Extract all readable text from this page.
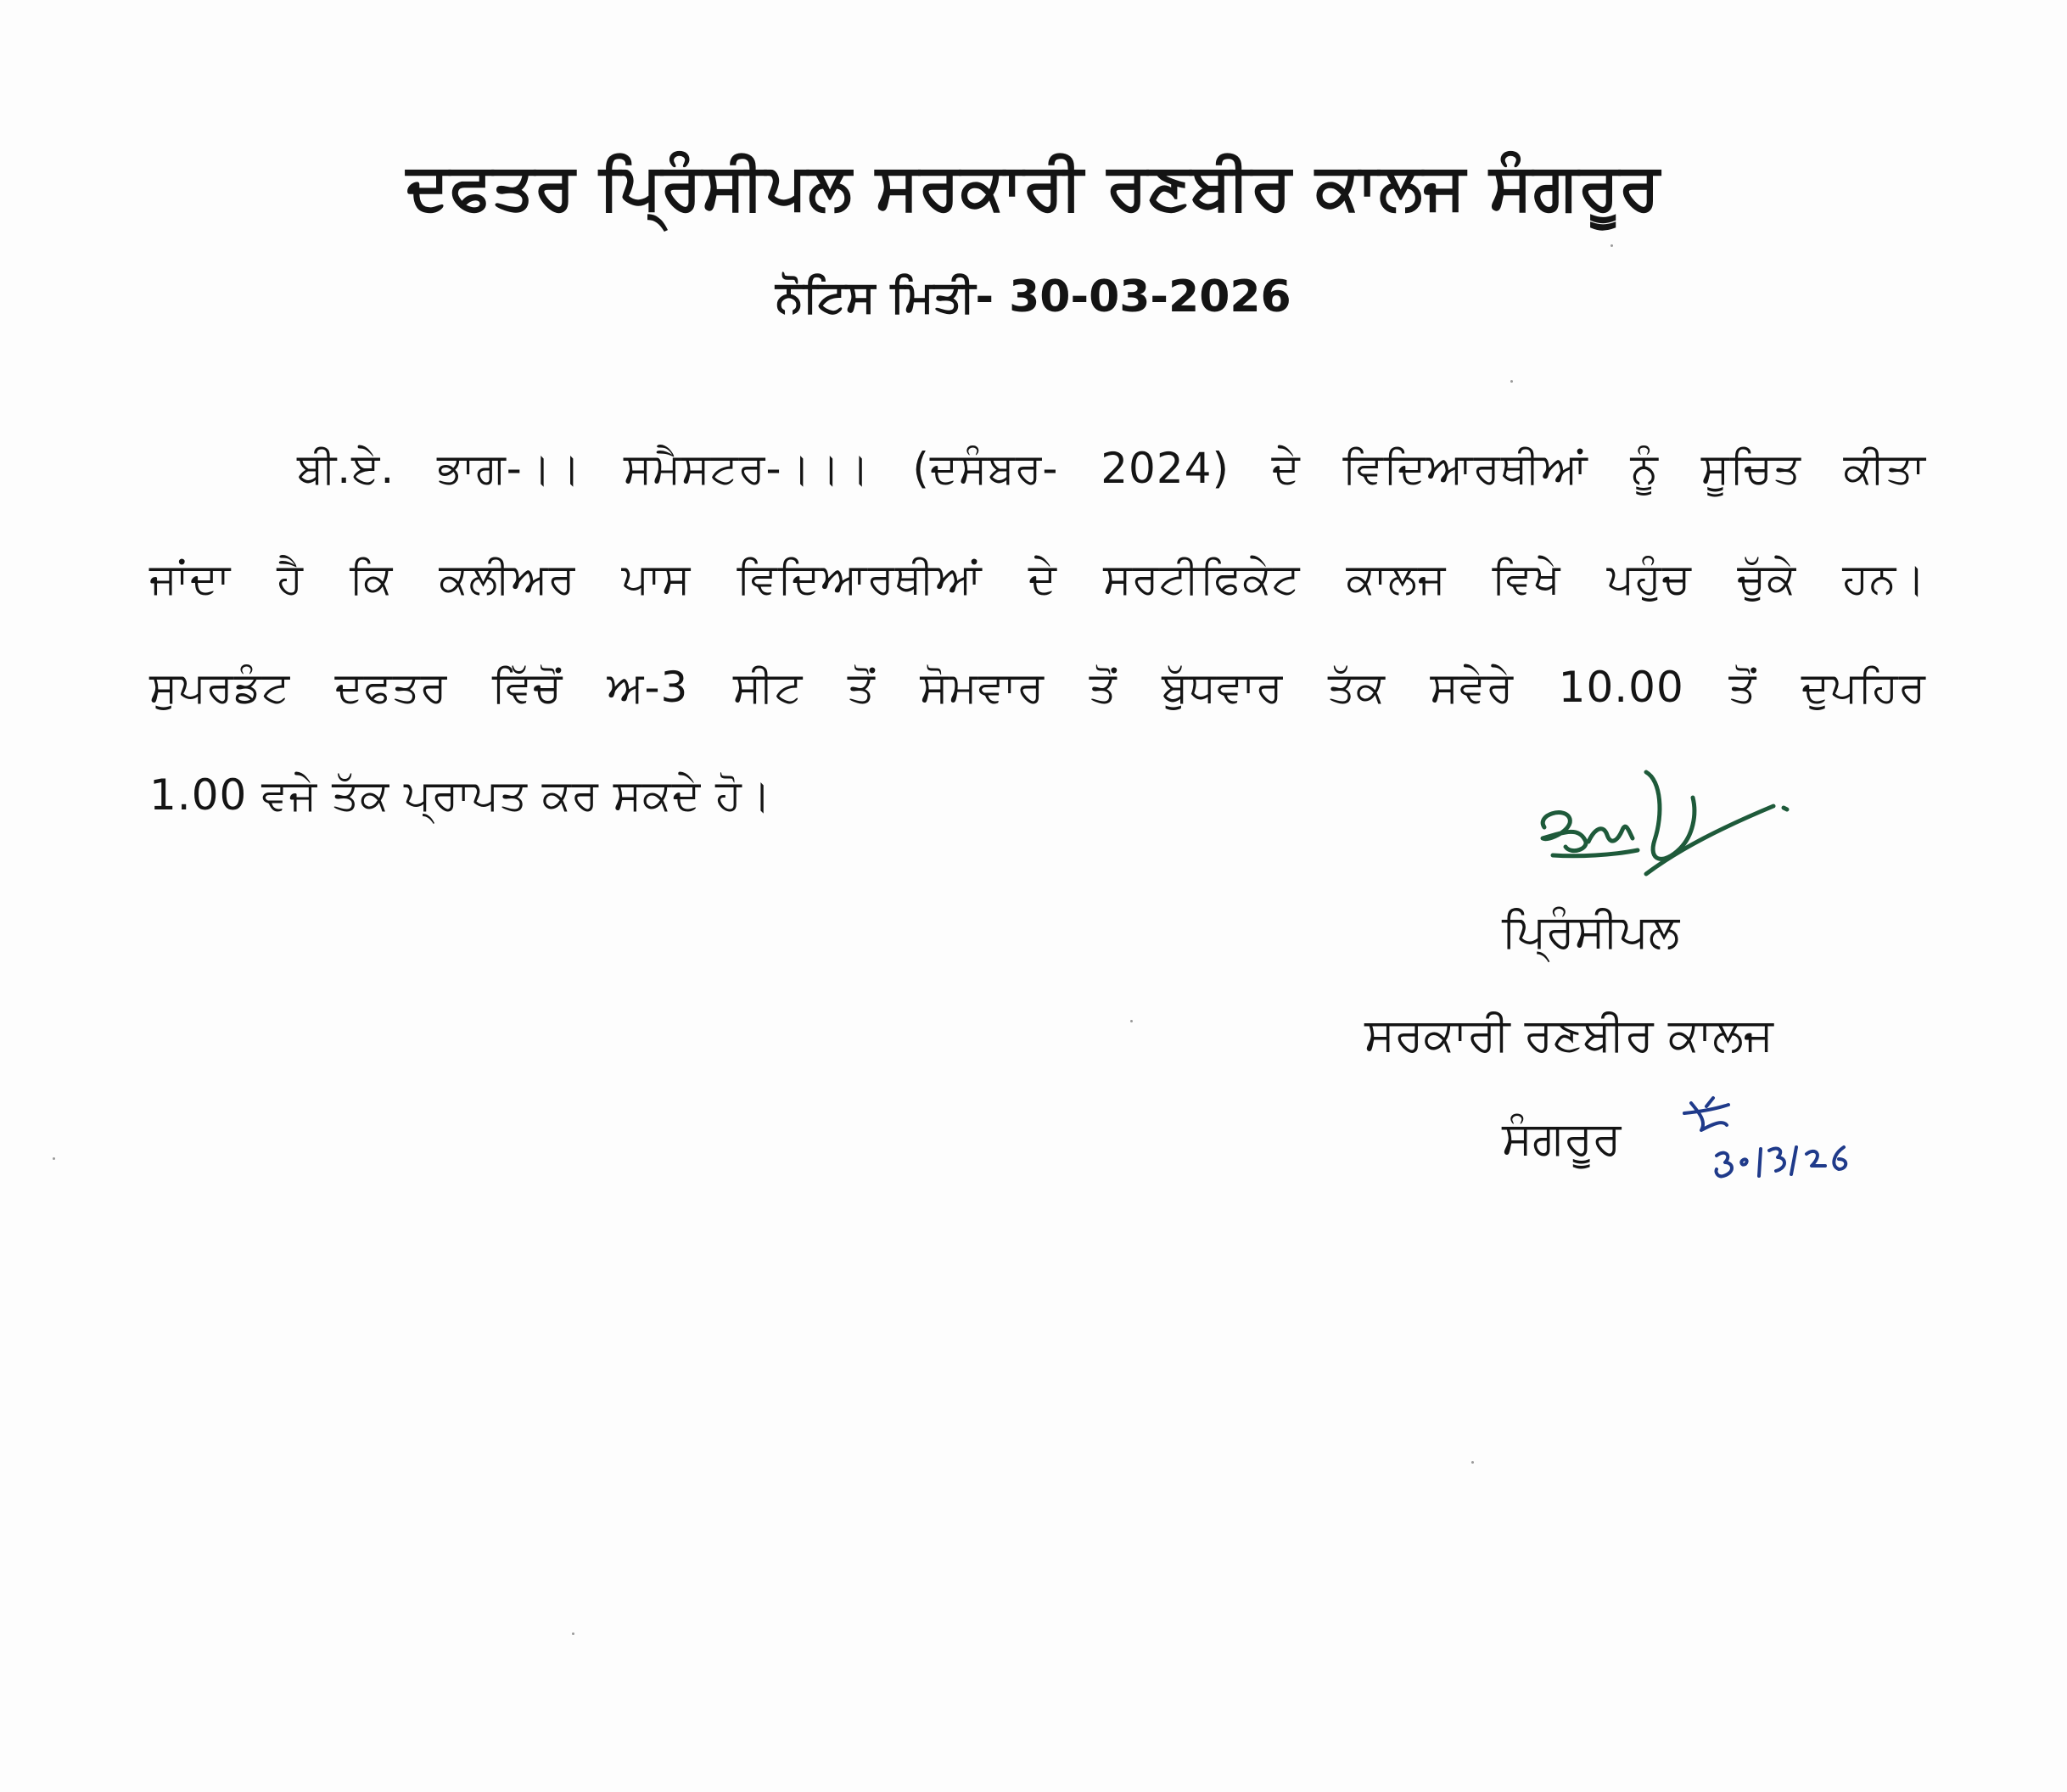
ਦਫਤਰ ਪ੍ਰਿੰਸੀਪਲ ਸਰਕਾਰੀ ਰਣਬੀਰ ਕਾਲਜ ਸੰਗਰੂਰ
ਨੋਟਿਸ ਮਿਤੀ- 30-03-2026
ਬੀ.ਏ. ਭਾਗ-।। ਸਮੈਸਟਰ-।।। (ਦਸੰਬਰ- 2024) ਦੇ ਵਿਦਿਆਰਥੀਆਂ ਨੂੰ ਸੂਚਿਤ ਕੀਤਾ
ਜਾਂਦਾ ਹੈ ਕਿ ਕਲੀਅਰ ਪਾਸ ਵਿਦਿਆਰਥੀਆਂ ਦੇ ਸਰਟੀਫਿਕੇਟ ਕਾਲਜ ਵਿਖੇ ਪਹੁੰਚ ਚੁੱਕੇ ਹਨ।
ਸੁਪਰਡੰਟ ਦਫਤਰ ਵਿੱਚੋਂ ਅ-3 ਸੀਟ ਤੋਂ ਸੋਮਵਾਰ ਤੋਂ ਬੁੱਧਵਾਰ ਤੱਕ ਸਵੇਰੇ 10.00 ਤੋਂ ਦੁਪਹਿਰ
1.00 ਵਜੇ ਤੱਕ ਪ੍ਰਾਪਤ ਕਰ ਸਕਦੇ ਹੋ।
ਪ੍ਰਿੰਸੀਪਲ
ਸਰਕਾਰੀ ਰਣਬੀਰ ਕਾਲਜ
ਸੰਗਰੂਰ
